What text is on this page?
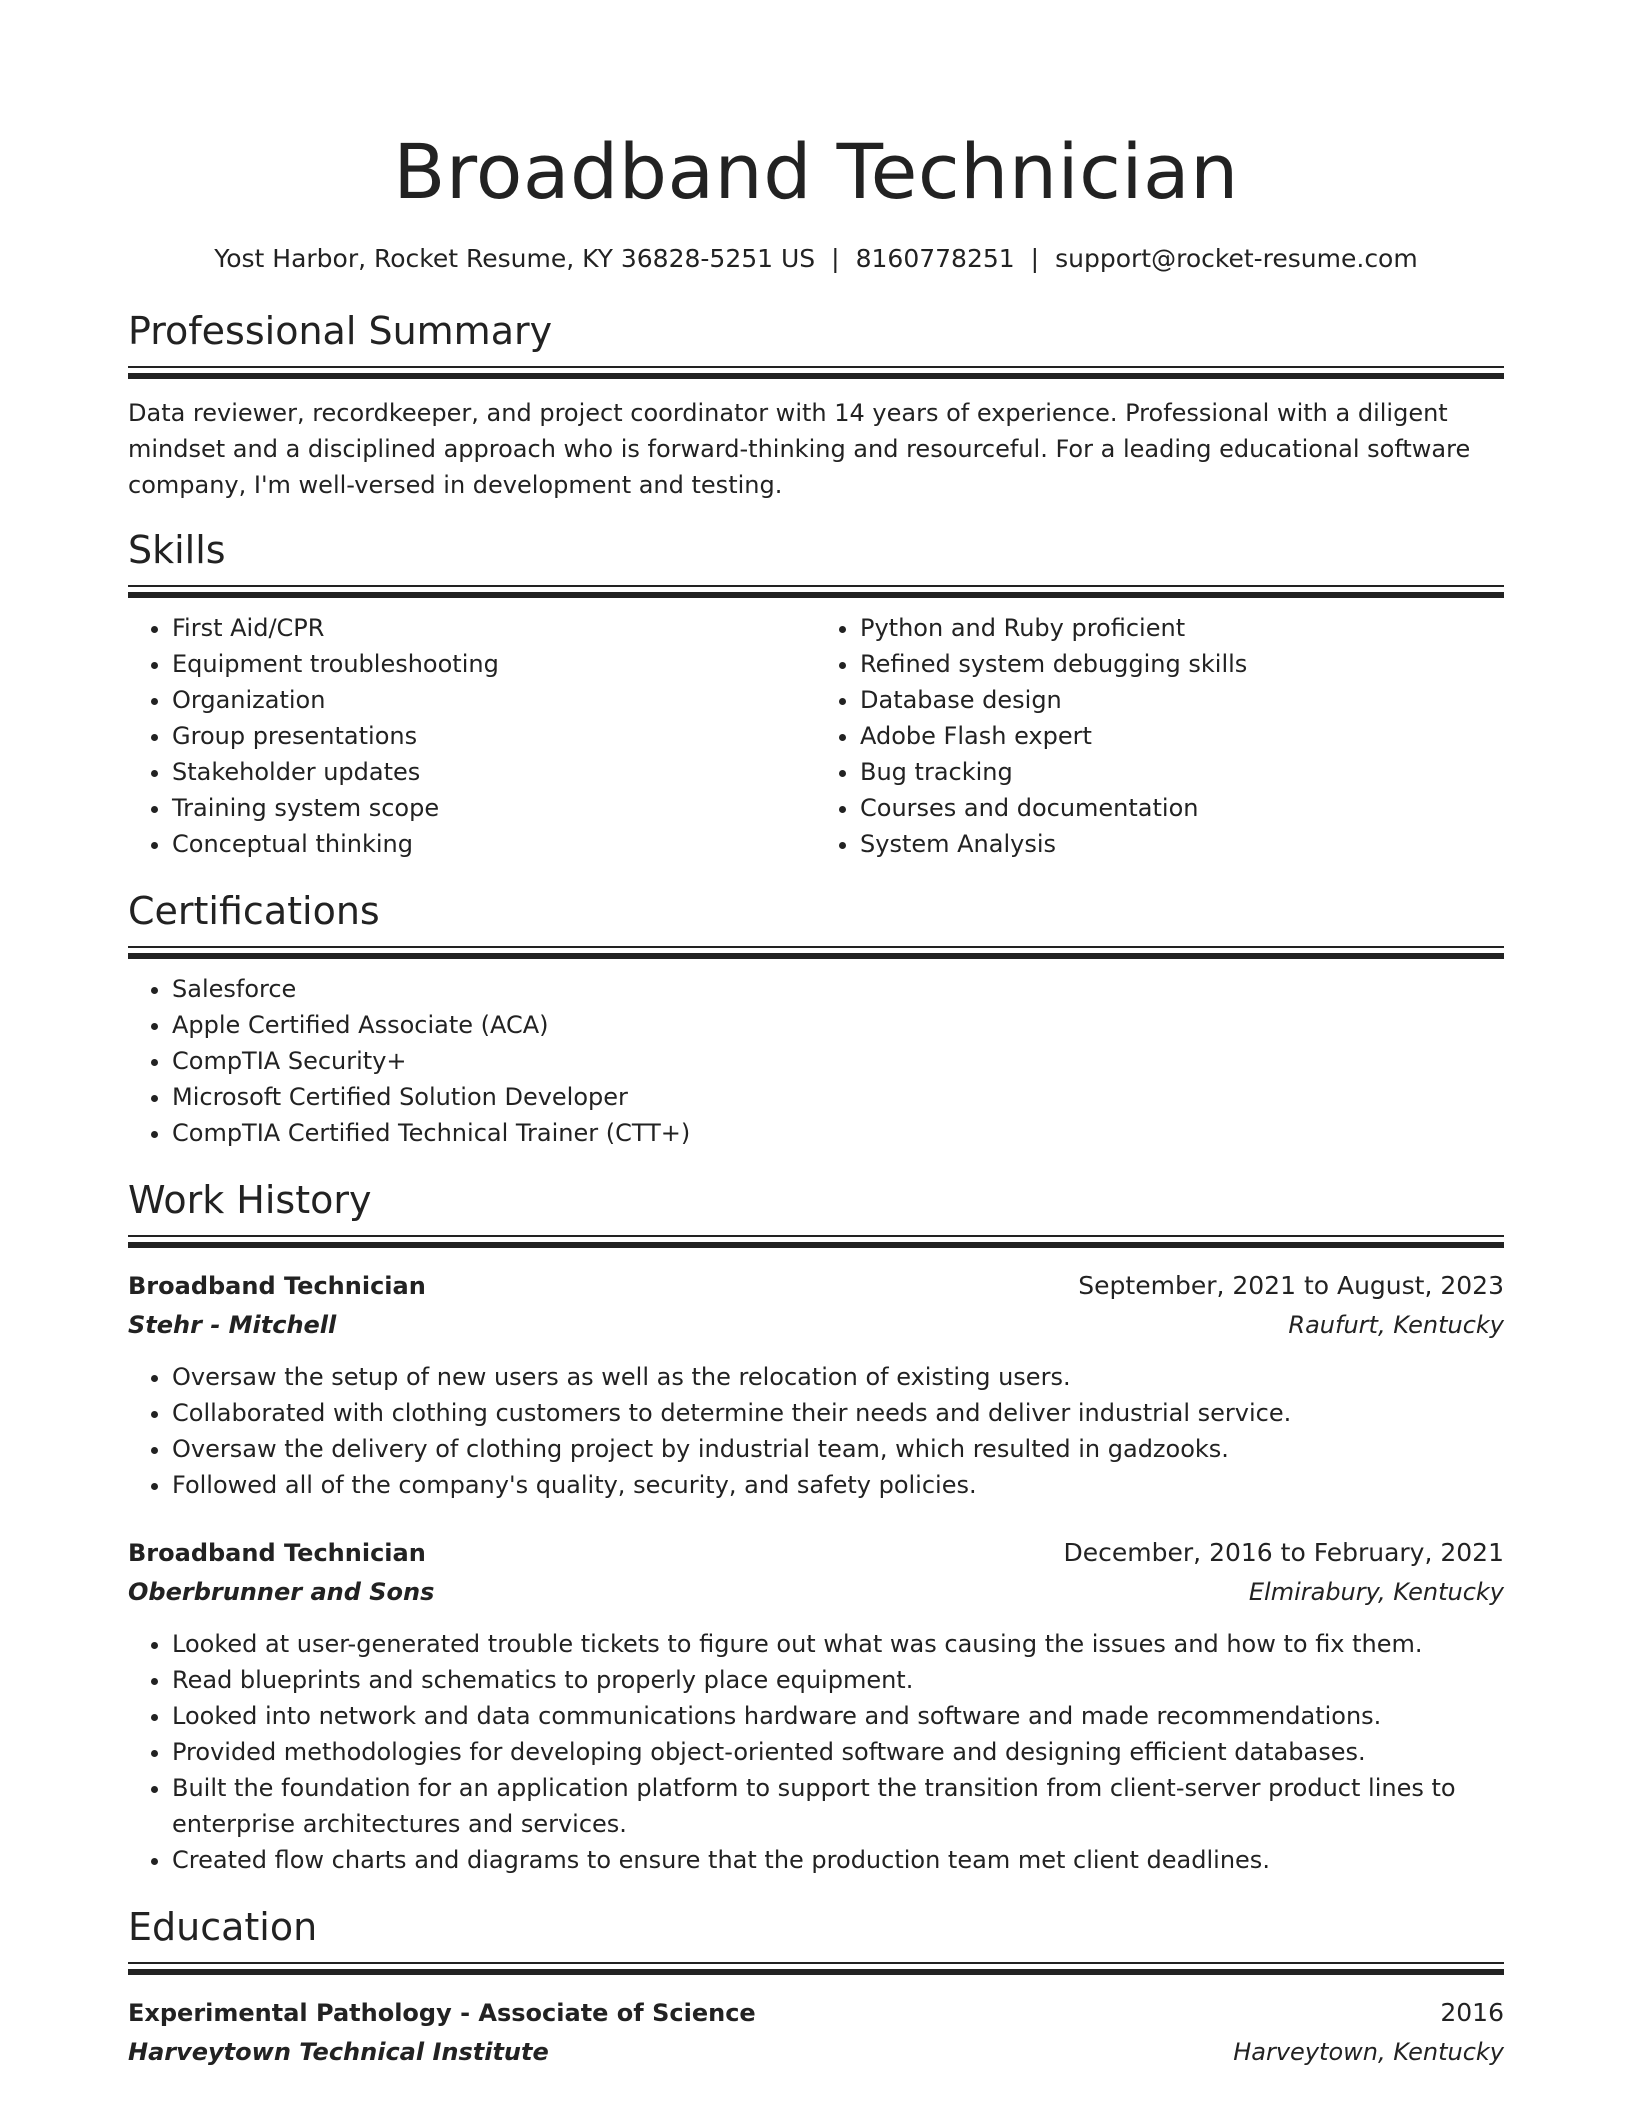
Broadband Technician
Yost Harbor, Rocket Resume, KY 36828-5251 US | 8160778251 | support@rocket-resume.com
Professional Summary
Data reviewer, recordkeeper, and project coordinator with 14 years of experience. Professional with a diligent mindset and a disciplined approach who is forward-thinking and resourceful. For a leading educational software company, I'm well-versed in development and testing.
Skills
• First Aid/CPR
• Equipment troubleshooting
• Organization
• Group presentations
• Stakeholder updates
• Training system scope
• Conceptual thinking
• Python and Ruby proficient
• Refined system debugging skills
• Database design
• Adobe Flash expert
• Bug tracking
• Courses and documentation
• System Analysis
Certifications
• Salesforce
• Apple Certified Associate (ACA)
• CompTIA Security+
• Microsoft Certified Solution Developer
• CompTIA Certified Technical Trainer (CTT+)
Work History
Broadband Technician	September, 2021 to August, 2023
Stehr - Mitchell	Raufurt, Kentucky
• Oversaw the setup of new users as well as the relocation of existing users.
• Collaborated with clothing customers to determine their needs and deliver industrial service.
• Oversaw the delivery of clothing project by industrial team, which resulted in gadzooks.
• Followed all of the company's quality, security, and safety policies.
Broadband Technician	December, 2016 to February, 2021
Oberbrunner and Sons	Elmirabury, Kentucky
• Looked at user-generated trouble tickets to figure out what was causing the issues and how to fix them.
• Read blueprints and schematics to properly place equipment.
• Looked into network and data communications hardware and software and made recommendations.
• Provided methodologies for developing object-oriented software and designing efficient databases.
• Built the foundation for an application platform to support the transition from client-server product lines to enterprise architectures and services.
• Created flow charts and diagrams to ensure that the production team met client deadlines.
Education
Experimental Pathology - Associate of Science	2016
Harveytown Technical Institute	Harveytown, Kentucky
